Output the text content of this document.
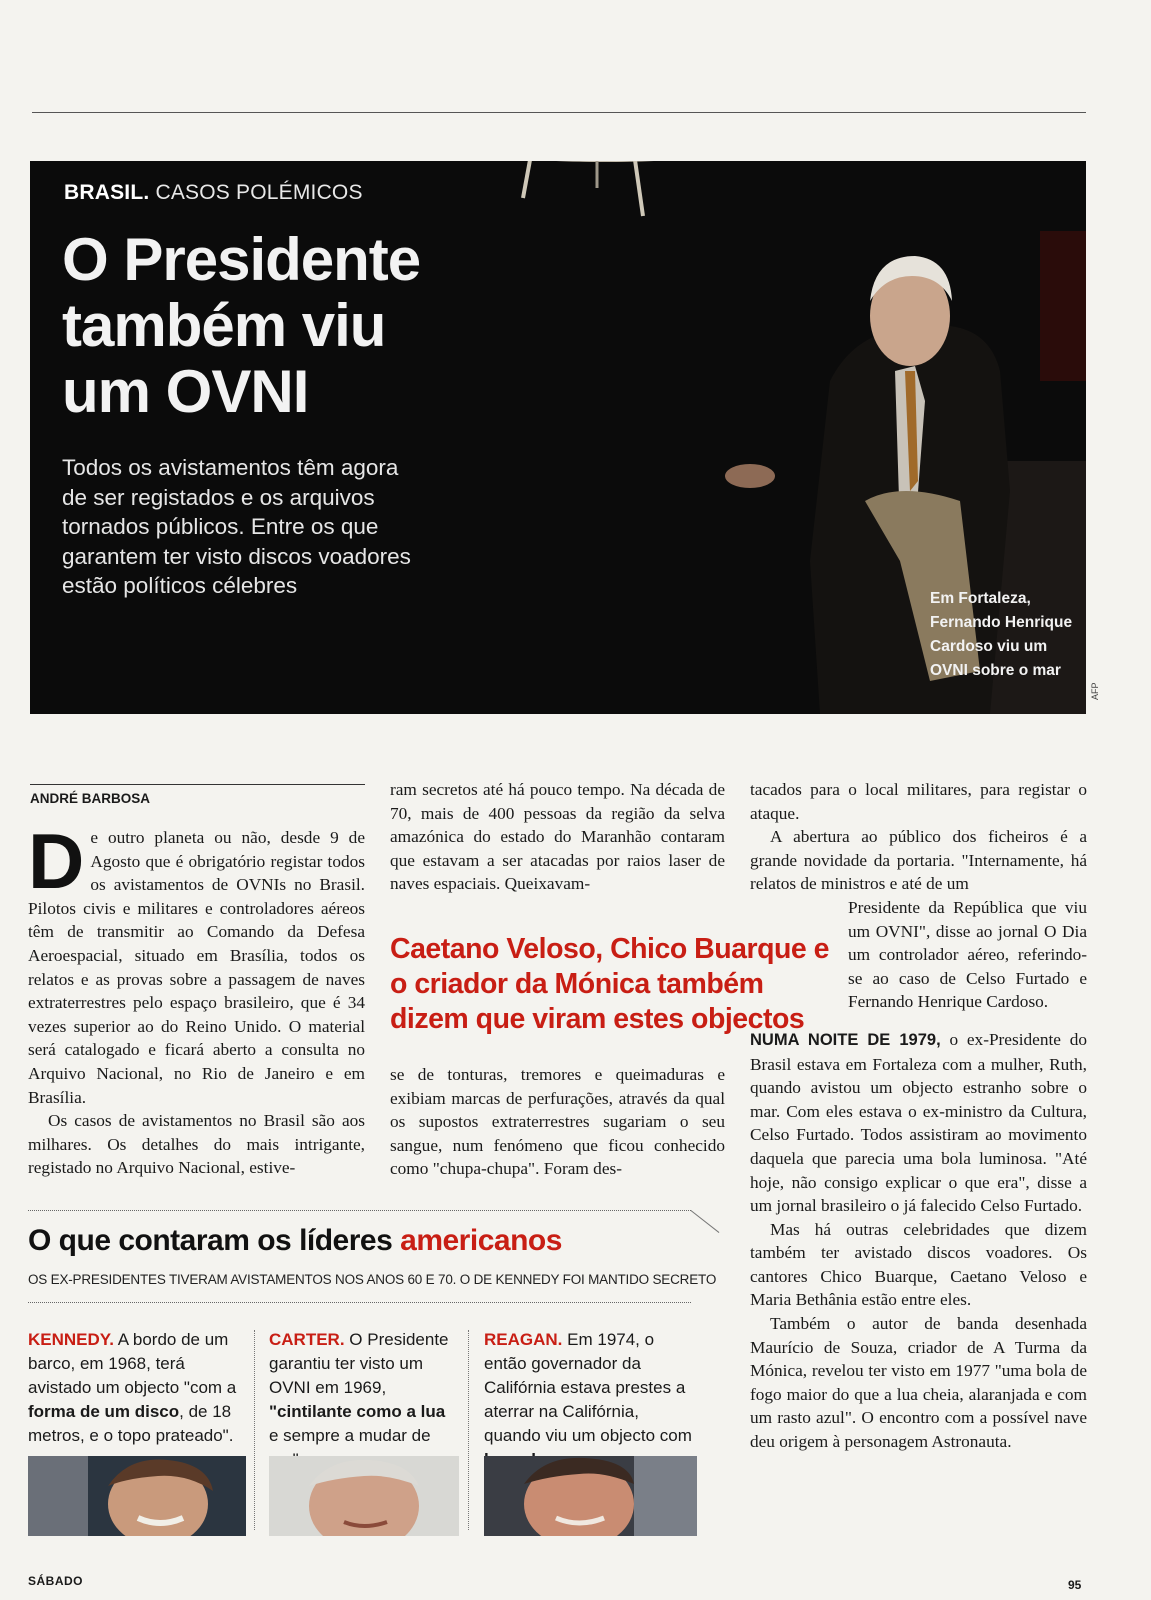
BRASIL. CASOS POLÉMICOS
O Presidente também viu um OVNI
Todos os avistamentos têm agora de ser registados e os arquivos tornados públicos. Entre os que garantem ter visto discos voadores estão políticos célebres
Em Fortaleza, Fernando Henrique Cardoso viu um OVNI sobre o mar
AFP
ANDRÉ BARBOSA
De outro planeta ou não, desde 9 de Agosto que é obrigatório registar todos os avistamentos de OVNIs no Brasil. Pilotos civis e militares e controladores aéreos têm de transmitir ao Comando da Defesa Aeroespacial, situado em Brasília, todos os relatos e as provas sobre a passagem de naves extraterrestres pelo espaço brasileiro, que é 34 vezes superior ao do Reino Unido. O material será catalogado e ficará aberto a consulta no Arquivo Nacional, no Rio de Janeiro e em Brasília.
Os casos de avistamentos no Brasil são aos milhares. Os detalhes do mais intrigante, registado no Arquivo Nacional, estive-
ram secretos até há pouco tempo. Na década de 70, mais de 400 pessoas da região da selva amazónica do estado do Maranhão contaram que estavam a ser atacadas por raios laser de naves espaciais. Queixavam-
Caetano Veloso, Chico Buarque e o criador da Mónica também dizem que viram estes objectos
se de tonturas, tremores e queimaduras e exibiam marcas de perfurações, através da qual os supostos extraterrestres sugariam o seu sangue, num fenómeno que ficou conhecido como "chupa-chupa". Foram des-
tacados para o local militares, para registar o ataque.
A abertura ao público dos ficheiros é a grande novidade da portaria. "Internamente, há relatos de ministros e até de um
Presidente da República que viu um OVNI", disse ao jornal O Dia um controlador aéreo, referindo-se ao caso de Celso Furtado e Fernando Henrique Cardoso.
NUMA NOITE DE 1979, o ex-Presidente do Brasil estava em Fortaleza com a mulher, Ruth, quando avistou um objecto estranho sobre o mar. Com eles estava o ex-ministro da Cultura, Celso Furtado. Todos assistiram ao movimento daquela que parecia uma bola luminosa. "Até hoje, não consigo explicar o que era", disse a um jornal brasileiro o já falecido Celso Furtado.
Mas há outras celebridades que dizem também ter avistado discos voadores. Os cantores Chico Buarque, Caetano Veloso e Maria Bethânia estão entre eles.
Também o autor de banda desenhada Maurício de Souza, criador de A Turma da Mónica, revelou ter visto em 1977 "uma bola de fogo maior do que a lua cheia, alaranjada e com um rasto azul". O encontro com a possível nave deu origem à personagem Astronauta.
O que contaram os líderes americanos
OS EX-PRESIDENTES TIVERAM AVISTAMENTOS NOS ANOS 60 E 70. O DE KENNEDY FOI MANTIDO SECRETO
KENNEDY. A bordo de um barco, em 1968, terá avistado um objecto "com a forma de um disco, de 18 metros, e o topo prateado".
CARTER. O Presidente garantiu ter visto um OVNI em 1969, "cintilante como a lua e sempre a mudar de
REAGAN. Em 1974, o então governador da Califórnia estava prestes a aterrar na Califórnia, quando viu um objecto com
SÁBADO	95
